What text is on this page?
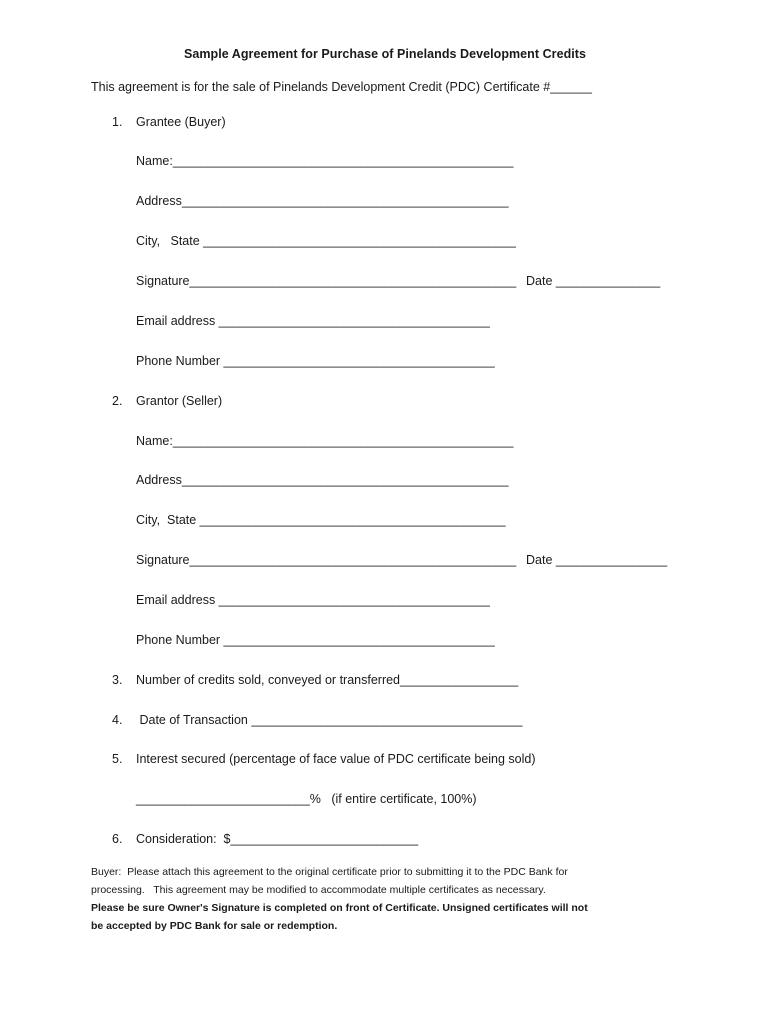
Sample Agreement for Purchase of Pinelands Development Credits
This agreement is for the sale of Pinelands Development Credit (PDC) Certificate #______
1. Grantee (Buyer)
Name:_________________________________________________
Address_______________________________________________
City,   State _____________________________________________
Signature_______________________________________________ Date _______________
Email address _______________________________________
Phone Number _______________________________________
2. Grantor (Seller)
Name:_________________________________________________
Address_______________________________________________
City,  State ____________________________________________
Signature_______________________________________________ Date ________________
Email address _______________________________________
Phone Number _______________________________________
3. Number of credits sold, conveyed or transferred_________________
4. Date of Transaction _______________________________________
5. Interest secured (percentage of face value of PDC certificate being sold)
_________________________%   (if entire certificate, 100%)
6. Consideration:  $___________________________
Buyer:  Please attach this agreement to the original certificate prior to submitting it to the PDC Bank for
processing.   This agreement may be modified to accommodate multiple certificates as necessary.
Please be sure Owner's Signature is completed on front of Certificate. Unsigned certificates will not
be accepted by PDC Bank for sale or redemption.
